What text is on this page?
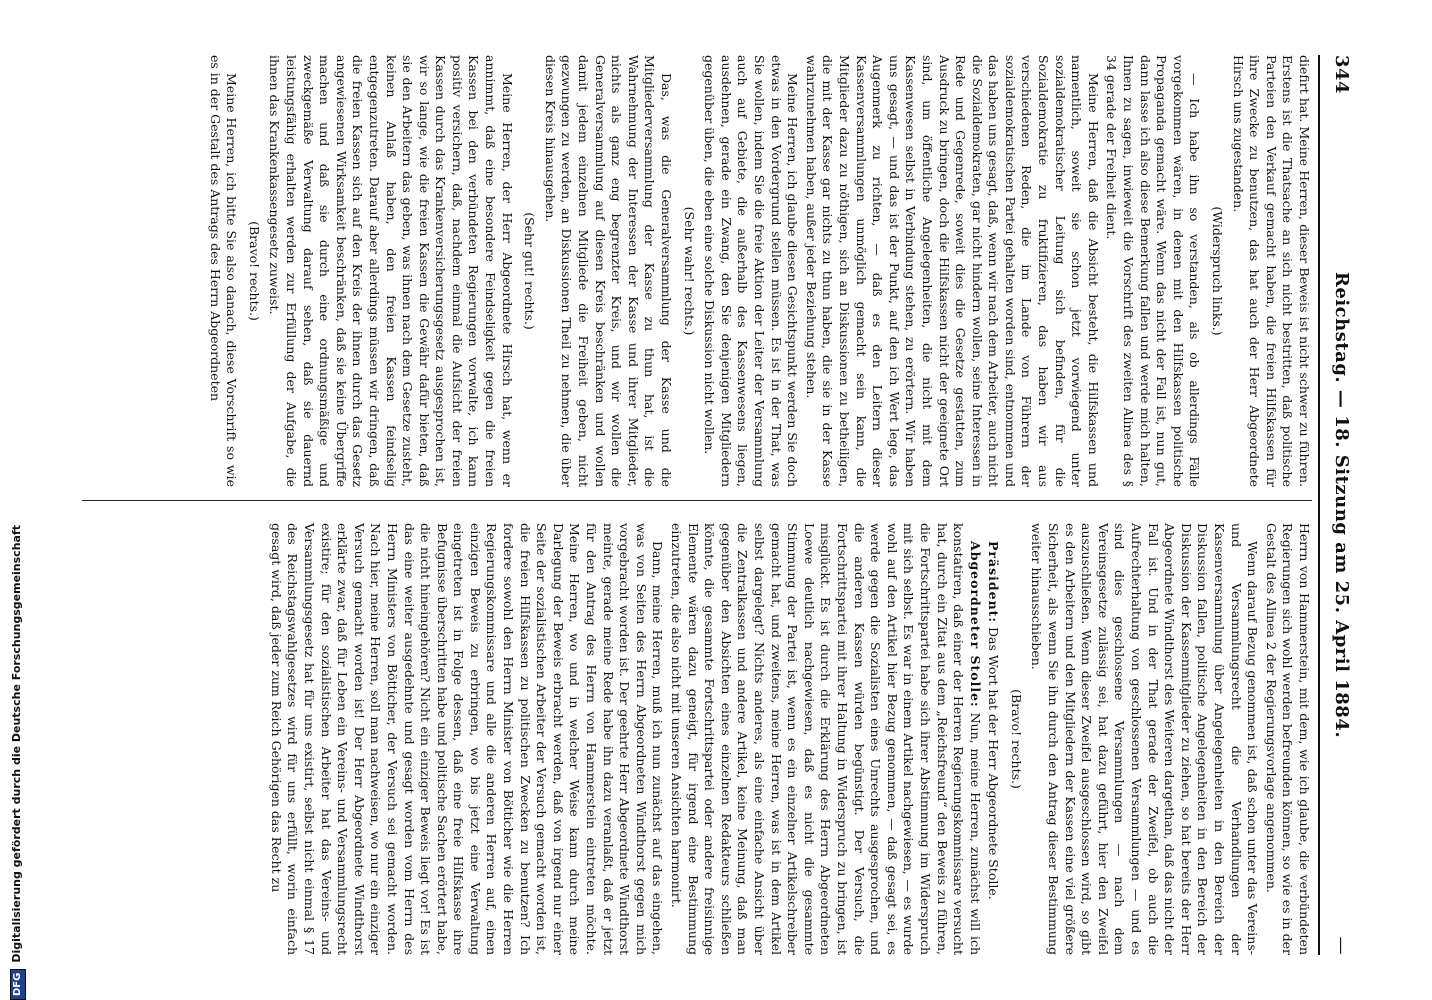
344
Reichstag. — 18. Sitzung am 25. April 1884.
—

diefirt hat. Meine Herren, dieser Beweis ist nicht schwer zu führen. Erstens ist die Thatsache an sich nicht bestritten, daß politische Parteien den Verkauf gemacht haben, die freien Hilfskassen für ihre Zwecke zu benutzen, das hat auch der Herr Abgeordnete Hirsch uns zugestanden.

(Widerspruch links.)

— Ich habe ihn so verstanden, als ob allerdings Fälle vorgekommen wären, in denen mit den Hilfskassen politische Propaganda gemacht wäre. Wenn das nicht der Fall ist, nun gut, dann lasse ich also diese Bemerkung fallen und werde mich halten, Ihnen zu sagen, inwieweit die Vorschrift des zweiten Alinea des § 34 gerade der Freiheit dient.

Meine Herren, daß die Absicht besteht, die Hilfskassen und namentlich, soweit sie schon jetzt vorwiegend unter sozialdemokratischer Leitung sich befinden, für die Sozialdemokratie zu fruktifizieren, das haben wir aus verschiedenen Reden, die im Lande von Führern der sozialdemokratischen Partei gehalten worden sind, entnommen und das haben uns gesagt, daß, wenn wir nach dem Arbeiter, auch nicht die Sozialdemokraten, gar nicht hindern wollen, seine Interessen in Rede und Gegenrede, soweit dies die Gesetze gestatten, zum Ausdruck zu bringen, doch die Hilfskassen nicht der geeignete Ort sind, um öffentliche Angelegenheiten, die nicht mit dem Kassenwesen selbst in Verbindung stehen, zu erörtern. Wir haben uns gesagt, — und das ist der Punkt, auf den ich Wert lege, das Augenmerk zu richten, — daß es den Leitern dieser Kassenversammlungen unmöglich gemacht sein kann, die Mitglieder dazu zu nöthigen, sich an Diskussionen zu betheiligen, die mit der Kasse gar nichts zu thun haben, die sie in der Kasse wahrzunehmen haben, außer jeder Beziehung stehen.

Meine Herren, ich glaube diesen Gesichtspunkt werden Sie doch etwas in den Vordergrund stellen müssen. Es ist in der That, was Sie wollen, indem Sie die freie Aktion der Leiter der Versammlung auch auf Gebiete, die außerhalb des Kassenwesens liegen, ausdehnen, gerade ein Zwang, den Sie denjenigen Mitgliedern gegenüber üben, die eben eine solche Diskussion nicht wollen.

(Sehr wahr! rechts.)

Das, was die Generalversammlung der Kasse und die Mitgliederversammlung der Kasse zu thun hat, ist die Wahrnehmung der Interessen der Kasse und ihrer Mitglieder, nichts als ganz eng begrenzter Kreis, und wir wollen die Generalversammlung auf diesen Kreis beschränken und wollen damit jedem einzelnen Mitgliede die Freiheit geben, nicht gezwungen zu werden, an Diskussionen Theil zu nehmen, die über diesen Kreis hinausgehen.

(Sehr gut! rechts.)

Meine Herren, der Herr Abgeordnete Hirsch hat, wenn er annimmt, daß eine besondere Feindseligkeit gegen die freien Kassen bei den verbündeten Regierungen vorwalte, ich kann positiv versichern, daß, nachdem einmal die Aufsicht der freien Kassen durch das Krankenversicherungsgesetz ausgesprochen ist, wir so lange, wie die freien Kassen die Gewähr dafür bieten, daß sie den Arbeitern das geben, was ihnen nach dem Gesetze zusteht, keinen Anlaß haben, den freien Kassen feindselig entgegenzutreten. Darauf aber allerdings müssen wir dringen, daß die freien Kassen sich auf den Kreis der ihnen durch das Gesetz angewiesenen Wirksamkeit beschränken, daß sie keine Übergriffe machen und daß sie durch eine ordnungsmäßige und zweckgemäße Verwaltung darauf sehen, daß sie dauernd leistungsfähig erhalten werden zur Erfüllung der Aufgabe, die ihnen das Krankenkassengesetz zuweist.

(Bravo! rechts.)

Meine Herren, ich bitte Sie also danach, diese Vorschrift so wie es in der Gestalt des Antrags des Herrn Abgeordneten

Herrn von Hammerstein, mit dem, wie ich glaube, die verbündeten Regierungen sich wohl werden befreunden können, so wie es in der Gestalt des Alinea 2 der Regierungsvorlage angenommen.

Wenn darauf Bezug genommen ist, daß schon unter das Vereins- und Versammlungsrecht die Verhandlungen der Kassenversammlung über Angelegenheiten in den Bereich der Diskussion fallen, politische Angelegenheiten in den Bereich der Diskussion der Kassenmitglieder zu ziehen, so hat bereits der Herr Abgeordnete Windthorst des Weiteren dargethan, daß das nicht der Fall ist. Und in der That gerade der Zweifel, ob auch die Aufrechterhaltung von geschlossenen Versammlungen — und es sind dies geschlossene Versammlungen — nach dem Vereinsgesetze zulässig sei, hat dazu geführt, hier den Zweifel auszuschließen. Wenn dieser Zweifel ausgeschlossen wird, so gibt es den Arbeitern und den Mitgliedern der Kassen eine viel größere Sicherheit, als wenn Sie ihn durch den Antrag dieser Bestimmung weiter hinausschieben.

(Bravo! rechts.)

Präsident: Das Wort hat der Herr Abgeordnete Stolle.

Abgeordneter Stolle: Nun, meine Herren, zunächst will ich konstatiren, daß einer der Herren Regierungskommissare versucht hat, durch ein Zitat aus dem „Reichsfreund“ den Beweis zu führen, die Fortschrittspartei habe sich ihrer Abstimmung im Widerspruch mit sich selbst. Es war in einem Artikel nachgewiesen, — es wurde wohl auf den Artikel hier Bezug genommen, — daß gesagt sei, es werde gegen die Sozialisten eines Unrechts ausgesprochen, und die anderen Kassen würden begünstigt. Der Versuch, die Fortschrittspartei mit ihrer Haltung in Widerspruch zu bringen, ist misglückt. Es ist durch die Erklärung des Herrn Abgeordneten Loewe deutlich nachgewiesen, daß es nicht die gesammte Stimmung der Partei ist, wenn es ein einzelner Artikelschreiber gemacht hat, und zweitens, meine Herren, was ist in dem Artikel selbst dargelegt? Nichts anderes, als eine einfache Ansicht über die Zentralkassen und andere Artikel, keine Meinung, daß man gegenüber den Absichten eines einzelnen Redakteurs schließen könnte, die gesammte Fortschrittspartei oder andere freisinnige Elemente wären dazu geneigt, für irgend eine Bestimmung einzutreten, die also nicht mit unseren Ansichten harmonirt.

Dann, meine Herren, muß ich nun zunächst auf das eingehen, was von Seiten des Herrn Abgeordneten Windthorst gegen mich vorgebracht worden ist. Der geehrte Herr Abgeordnete Windthorst meinte, gerade meine Rede habe ihn dazu veranlaßt, daß er jetzt für den Antrag des Herrn von Hammerstein eintreten möchte. Meine Herren, wo und in welcher Weise kann durch meine Darlegung der Beweis erbracht werden, daß von irgend nur einer Seite der sozialistischen Arbeiter der Versuch gemacht worden ist, die freien Hilfskassen zu politischen Zwecken zu benutzen? Ich fordere sowohl den Herrn Minister von Bötticher wie die Herren Regierungskommissare und alle die anderen Herren auf, einen einzigen Beweis zu erbringen, wo bis jetzt eine Verwaltung eingetreten ist in Folge dessen, daß eine freie Hilfskasse ihre Befugnisse überschritten habe und politische Sachen erörtert habe, die nicht hineingehören? Nicht ein einziger Beweis liegt vor! Es ist das eine weiter ausgedehnte und gesagt worden vom Herrn des Herrn Ministers von Bötticher, der Versuch sei gemacht worden. Nach hier, meine Herren, soll man nachweisen, wo nur ein einziger Versuch gemacht worden ist! Der Herr Abgeordnete Windthorst erklärte zwar, daß für Leben ein Vereins- und Versammlungsrecht existire; für den sozialistischen Arbeiter hat das Vereins- und Versammlungsgesetz hat für uns existirt, selbst nicht einmal § 17 des Reichstagswahlgesetzes wird für uns erfüllt, worin einfach gesagt wird, daß jeder zum Reich Gehörigen das Recht zu

DFGDigitalisierung gefördert durch die Deutsche Forschungsgemeinschaft
